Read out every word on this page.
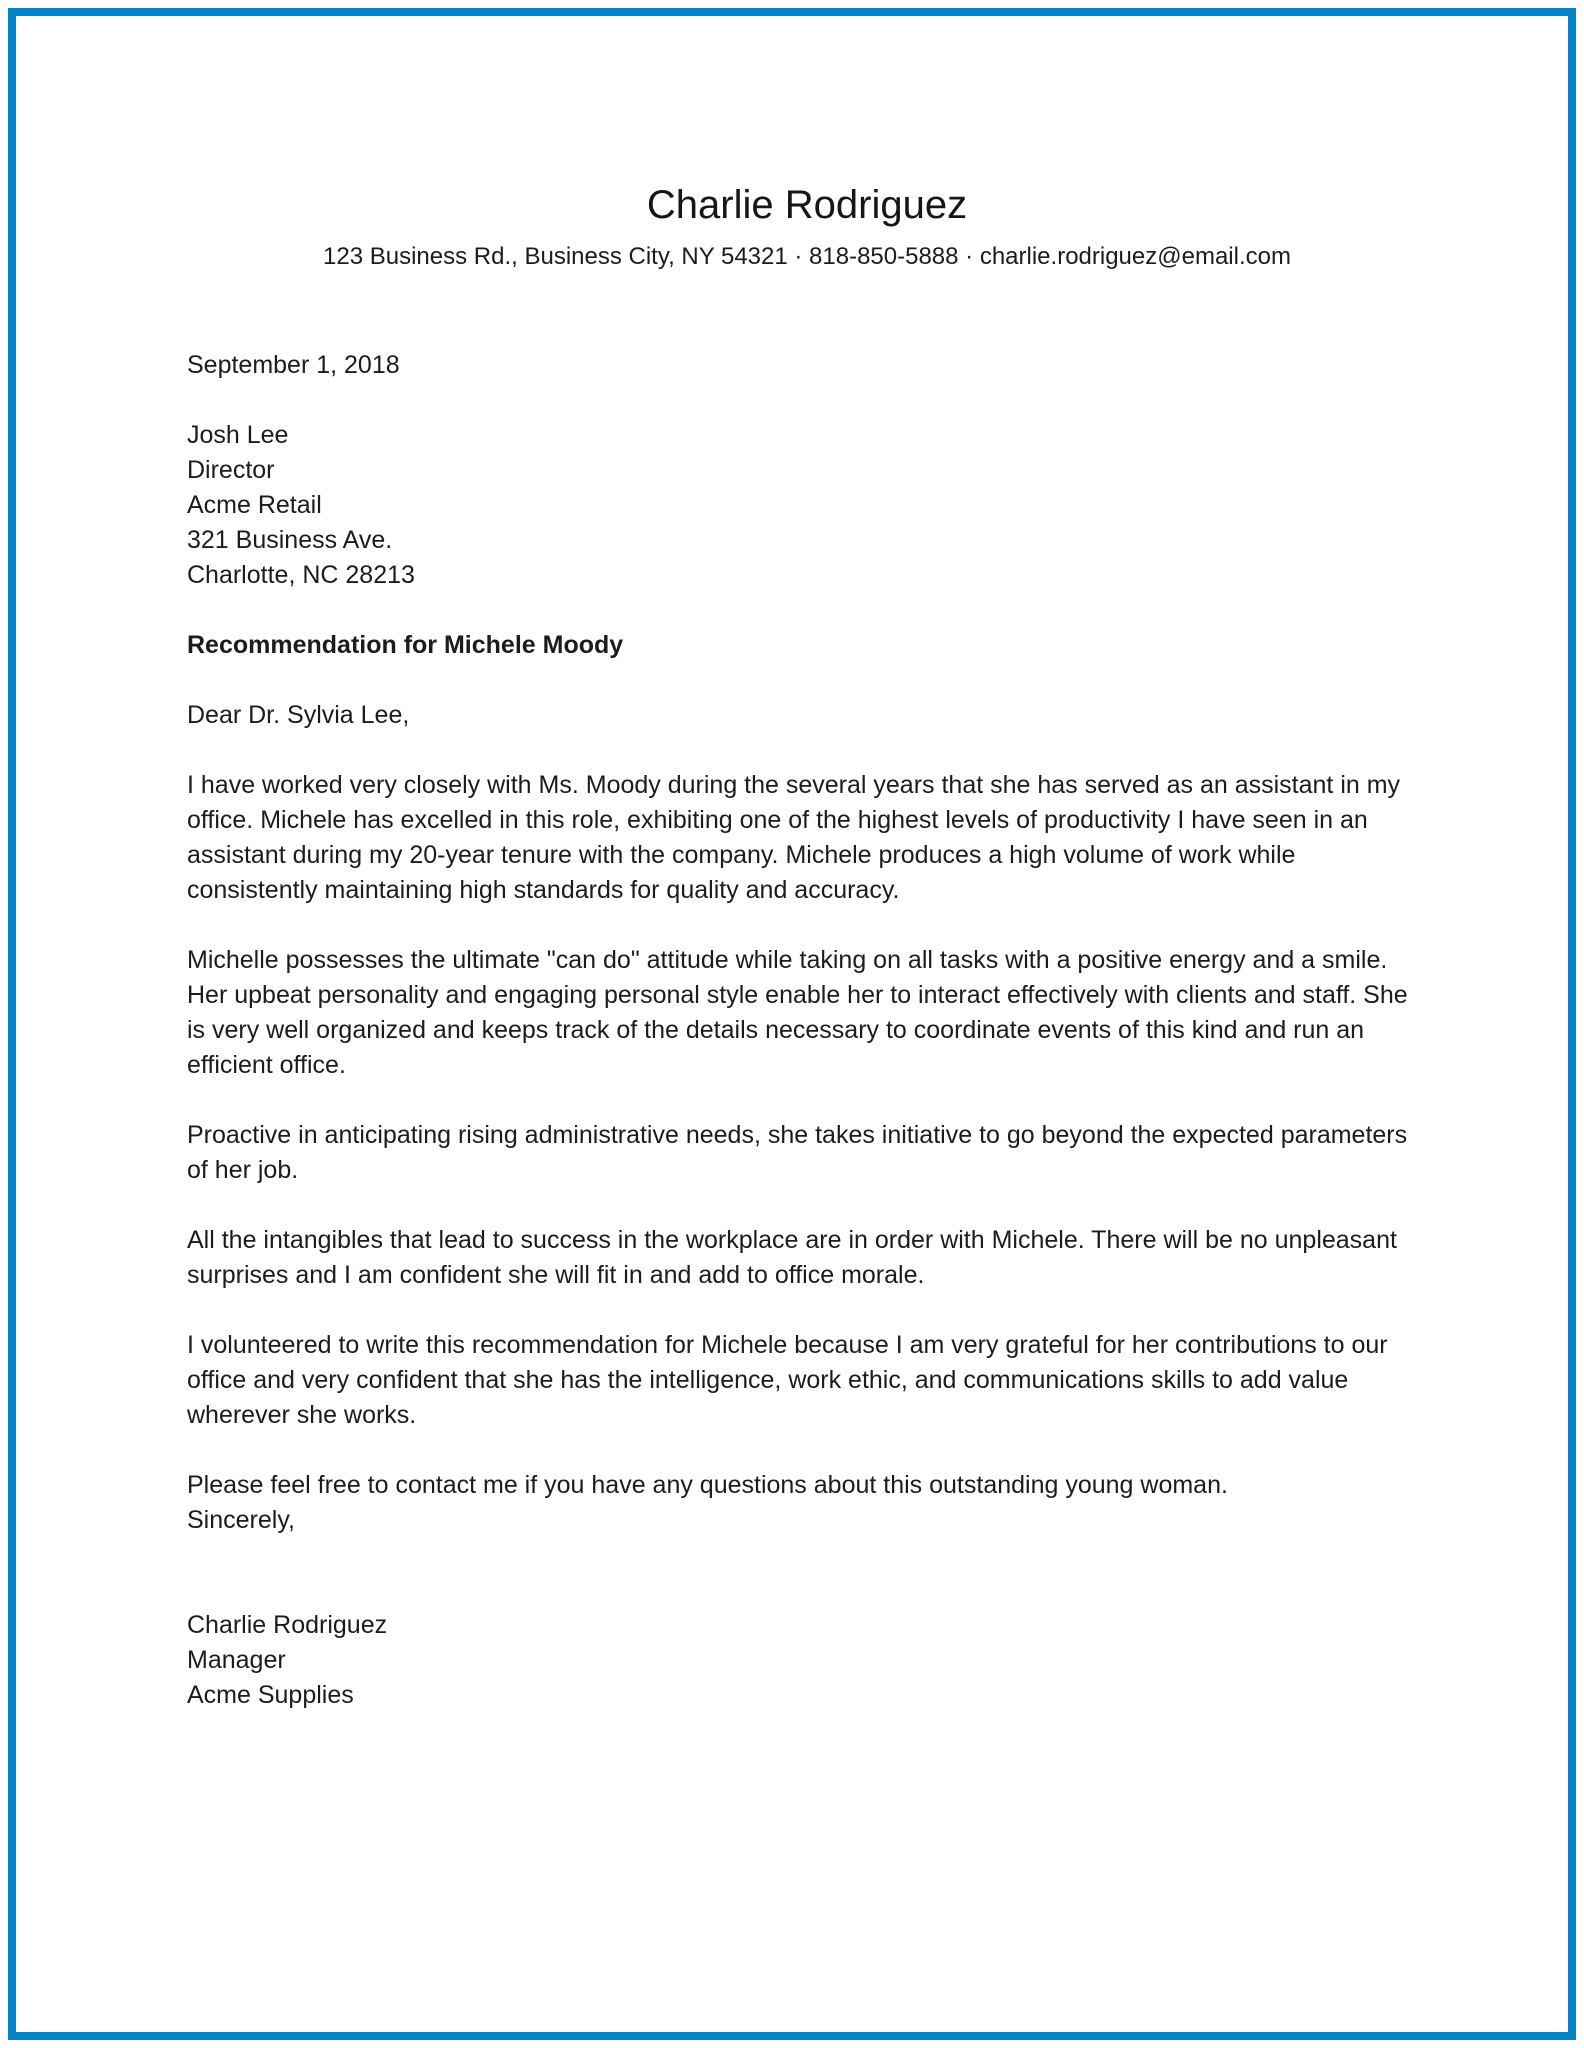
Charlie Rodriguez
123 Business Rd., Business City, NY 54321 · 818-850-5888 · charlie.rodriguez@email.com
September 1, 2018
Josh Lee
Director
Acme Retail
321 Business Ave.
Charlotte, NC 28213
Recommendation for Michele Moody
Dear Dr. Sylvia Lee,
I have worked very closely with Ms. Moody during the several years that she has served as an assistant in my office. Michele has excelled in this role, exhibiting one of the highest levels of productivity I have seen in an assistant during my 20-year tenure with the company. Michele produces a high volume of work while consistently maintaining high standards for quality and accuracy.
Michelle possesses the ultimate "can do" attitude while taking on all tasks with a positive energy and a smile. Her upbeat personality and engaging personal style enable her to interact effectively with clients and staff. She is very well organized and keeps track of the details necessary to coordinate events of this kind and run an efficient office.
Proactive in anticipating rising administrative needs, she takes initiative to go beyond the expected parameters of her job.
All the intangibles that lead to success in the workplace are in order with Michele. There will be no unpleasant surprises and I am confident she will fit in and add to office morale.
I volunteered to write this recommendation for Michele because I am very grateful for her contributions to our office and very confident that she has the intelligence, work ethic, and communications skills to add value wherever she works.
Please feel free to contact me if you have any questions about this outstanding young woman.
Sincerely,
Charlie Rodriguez
Manager
Acme Supplies
